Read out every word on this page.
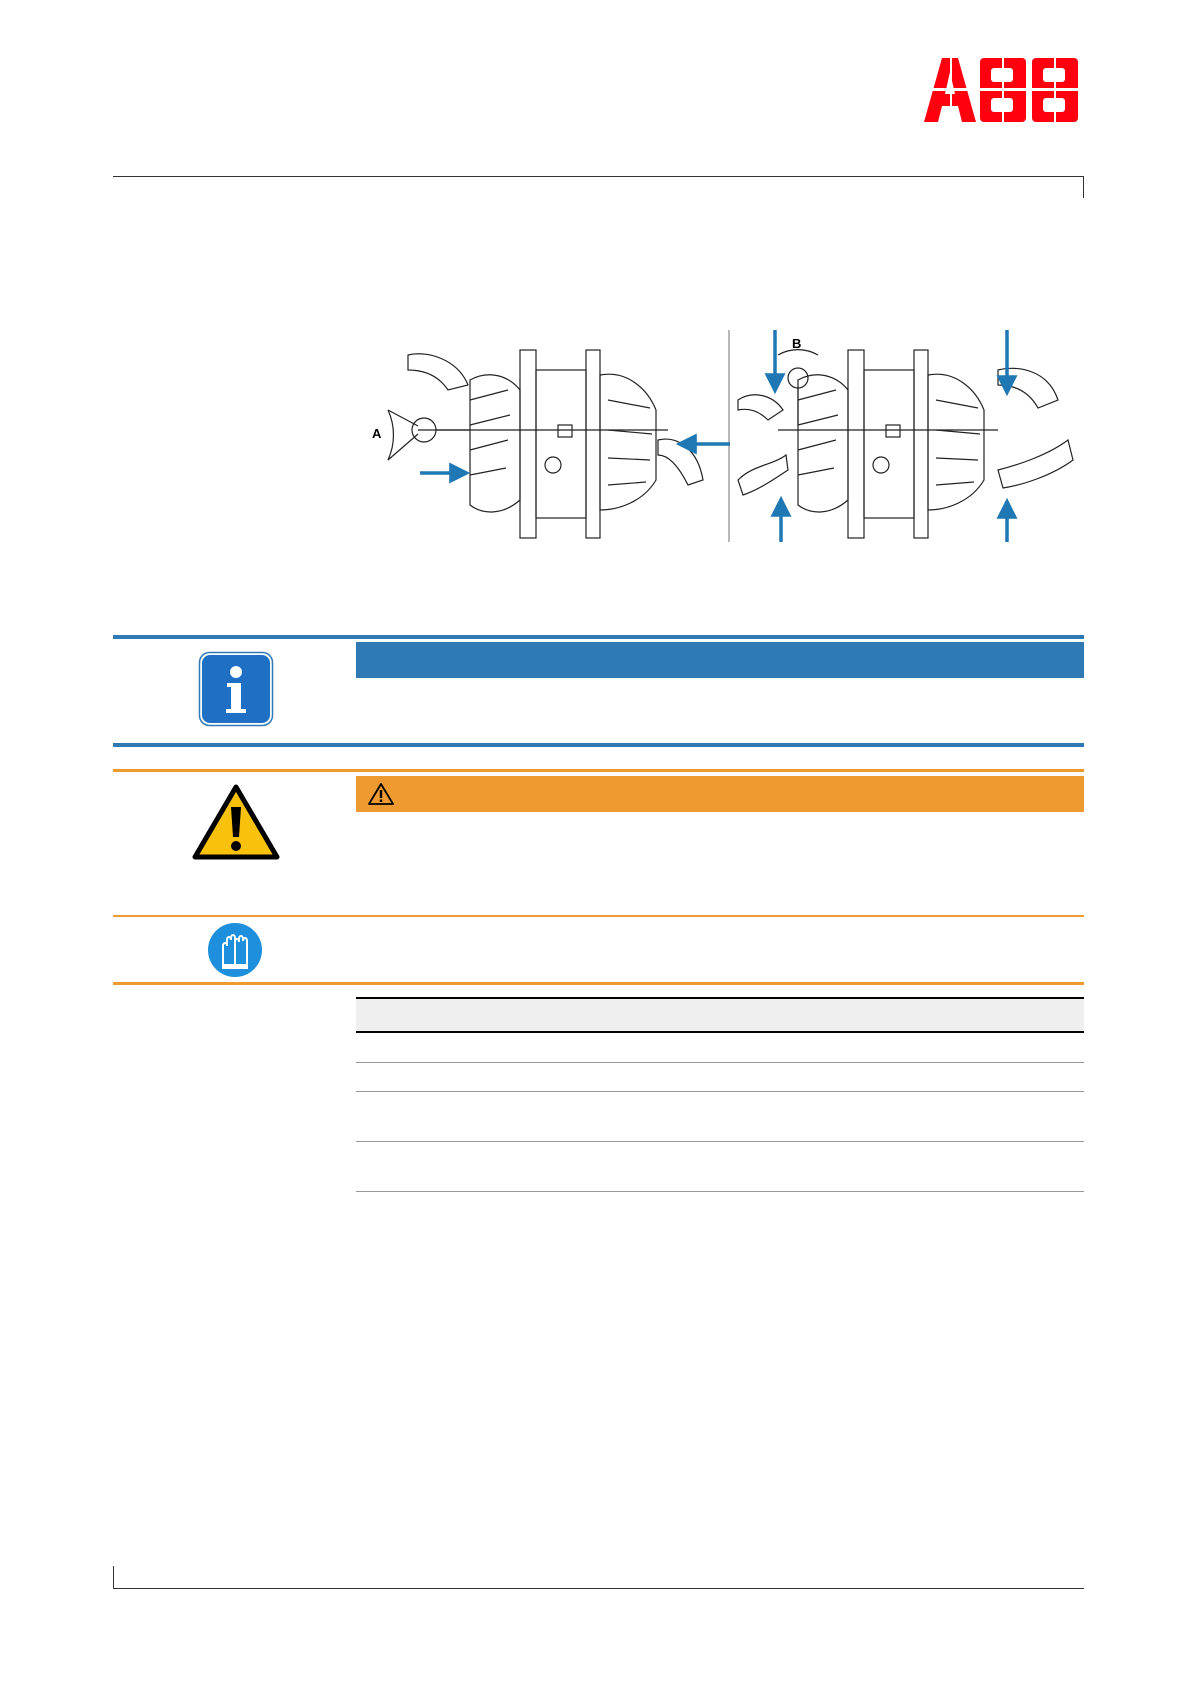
A
B
